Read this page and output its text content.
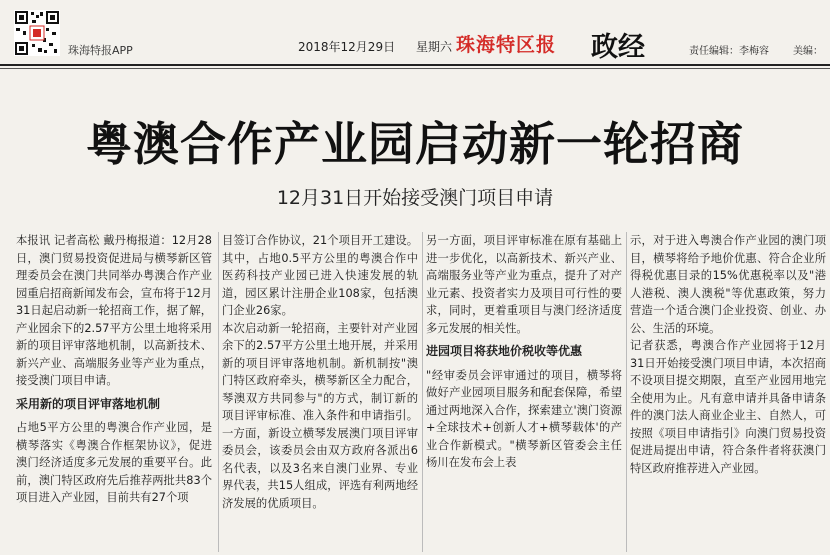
珠海特报APP	2018年12月29日 星期六 珠海特区报 政经	责任编辑：李梅容 美编：
粤澳合作产业园启动新一轮招商
12月31日开始接受澳门项目申请

本报讯 记者高松 戴丹梅报道：12月28日，澳门贸易投资促进局与横琴新区管理委员会在澳门共同举办粤澳合作产业园重启招商新闻发布会，宣布将于12月31日起启动新一轮招商工作，据了解，产业园余下的2.57平方公里土地将采用新的项目评审落地机制，以高新技术、新兴产业、高端服务业等产业为重点，接受澳门项目申请。

采用新的项目评审落地机制

占地5平方公里的粤澳合作产业园，是横琴落实《粤澳合作框架协议》，促进澳门经济适度多元发展的重要平台。此前，澳门特区政府先后推荐两批共83个项目进入产业园，目前共有27个项

目签订合作协议，21个项目开工建设。其中，占地0.5平方公里的粤澳合作中医药科技产业园已进入快速发展的轨道，园区累计注册企业108家，包括澳门企业26家。

本次启动新一轮招商，主要针对产业园余下的2.57平方公里土地开展，并采用新的项目评审落地机制。新机制按"澳门特区政府牵头，横琴新区全力配合，琴澳双方共同参与"的方式，制订新的项目评审标准、准入条件和申请指引。一方面，新设立横琴发展澳门项目评审委员会，该委员会由双方政府各派出6名代表，以及3名来自澳门业界、专业界代表，共15人组成，评选有利两地经济发展的优质项目。

另一方面，项目评审标准在原有基础上进一步优化，以高新技术、新兴产业、高端服务业等产业为重点，提升了对产业元素、投资者实力及项目可行性的要求，同时，更着重项目与澳门经济适度多元发展的相关性。

进园项目将获地价税收等优惠

"经审委员会评审通过的项目，横琴将做好产业园项目服务和配套保障，希望通过两地深入合作，探索建立'澳门资源+全球技术+创新人才+横琴载体'的产业合作新模式。"横琴新区管委会主任杨川在发布会上表

示，对于进入粤澳合作产业园的澳门项目，横琴将给予地价优惠、符合企业所得税优惠目录的15%优惠税率以及"港人港税、澳人澳税"等优惠政策，努力营造一个适合澳门企业投资、创业、办公、生活的环境。

记者获悉，粤澳合作产业园将于12月31日开始接受澳门项目申请，本次招商不设项目提交期限，直至产业园用地完全使用为止。凡有意申请并具备申请条件的澳门法人商业企业主、自然人，可按照《项目申请指引》向澳门贸易投资促进局提出申请，符合条件者将获澳门特区政府推荐进入产业园。
